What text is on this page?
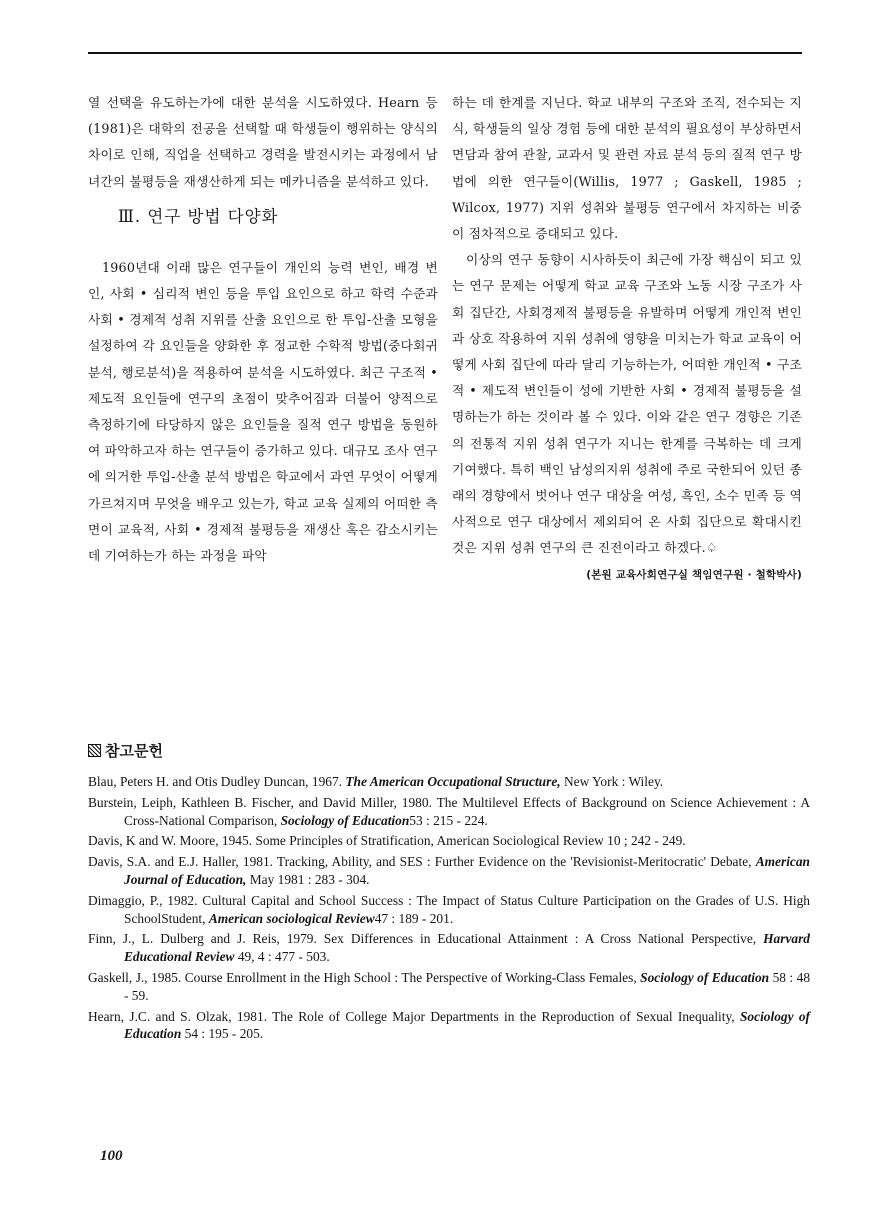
열 선택을 유도하는가에 대한 분석을 시도하였다. Hearn 등(1981)은 대학의 전공을 선택할 때 학생들이 행위하는 양식의 차이로 인해, 직업을 선택하고 경력을 발전시키는 과정에서 남녀간의 불평등을 재생산하게 되는 메카니즘을 분석하고 있다.

Ⅲ. 연구 방법 다양화

1960년대 이래 많은 연구들이 개인의 능력 변인, 배경 변인, 사회 • 심리적 변인 등을 투입 요인으로 하고 학력 수준과 사회 • 경제적 성취 지위를 산출 요인으로 한 투입-산출 모형을 설정하여 각 요인들을 양화한 후 정교한 수학적 방법(중다회귀분석, 행로분석)을 적용하여 분석을 시도하였다. 최근 구조적 • 제도적 요인들에 연구의 초점이 맞추어짐과 더불어 양적으로 측정하기에 타당하지 않은 요인들을 질적 연구 방법을 동원하여 파악하고자 하는 연구들이 증가하고 있다. 대규모 조사 연구에 의거한 투입-산출 분석 방법은 학교에서 과연 무엇이 어떻게 가르쳐지며 무엇을 배우고 있는가, 학교 교육 실제의 어떠한 측면이 교육적, 사회 • 경제적 불평등을 재생산 혹은 감소시키는 데 기여하는가 하는 과정을 파악

하는 데 한계를 지닌다. 학교 내부의 구조와 조직, 전수되는 지식, 학생들의 일상 경험 등에 대한 분석의 필요성이 부상하면서 면담과 참여 관찰, 교과서 및 관련 자료 분석 등의 질적 연구 방법에 의한 연구들이(Willis, 1977 ; Gaskell, 1985 ; Wilcox, 1977) 지위 성취와 불평등 연구에서 차지하는 비중이 점차적으로 증대되고 있다.

이상의 연구 동향이 시사하듯이 최근에 가장 핵심이 되고 있는 연구 문제는 어떻게 학교 교육 구조와 노동 시장 구조가 사회 집단간, 사회경제적 불평등을 유발하며 어떻게 개인적 변인과 상호 작용하여 지위 성취에 영향을 미치는가 학교 교육이 어떻게 사회 집단에 따라 달리 기능하는가, 어떠한 개인적 • 구조적 • 제도적 변인들이 성에 기반한 사회 • 경제적 불평등을 설명하는가 하는 것이라 볼 수 있다. 이와 같은 연구 경향은 기존의 전통적 지위 성취 연구가 지니는 한계를 극복하는 데 크게 기여했다. 특히 백인 남성의지위 성취에 주로 국한되어 있던 종래의 경향에서 벗어나 연구 대상을 여성, 흑인, 소수 민족 등 역사적으로 연구 대상에서 제외되어 온 사회 집단으로 확대시킨 것은 지위 성취 연구의 큰 진전이라고 하겠다.♤

(본원 교육사회연구실 책임연구원 · 철학박사)
참고문헌

Blau, Peters H. and Otis Dudley Duncan, 1967. The American Occupational Structure, New York : Wiley.

Burstein, Leiph, Kathleen B. Fischer, and David Miller, 1980. The Multilevel Effects of Background on Science Achievement : A Cross-National Comparison, Sociology of Education53 : 215 - 224.

Davis, K and W. Moore, 1945. Some Principles of Stratification, American Sociological Review 10 ; 242 - 249.

Davis, S.A. and E.J. Haller, 1981. Tracking, Ability, and SES : Further Evidence on the 'Revisionist-Meritocratic' Debate, American Journal of Education, May 1981 : 283 - 304.

Dimaggio, P., 1982. Cultural Capital and School Success : The Impact of Status Culture Participation on the Grades of U.S. High SchoolStudent, American sociological Review47 : 189 - 201.

Finn, J., L. Dulberg and J. Reis, 1979. Sex Differences in Educational Attainment : A Cross National Perspective, Harvard Educational Review 49, 4 : 477 - 503.

Gaskell, J., 1985. Course Enrollment in the High School : The Perspective of Working-Class Females, Sociology of Education 58 : 48 - 59.

Hearn, J.C. and S. Olzak, 1981. The Role of College Major Departments in the Reproduction of Sexual Inequality, Sociology of Education 54 : 195 - 205.

100
